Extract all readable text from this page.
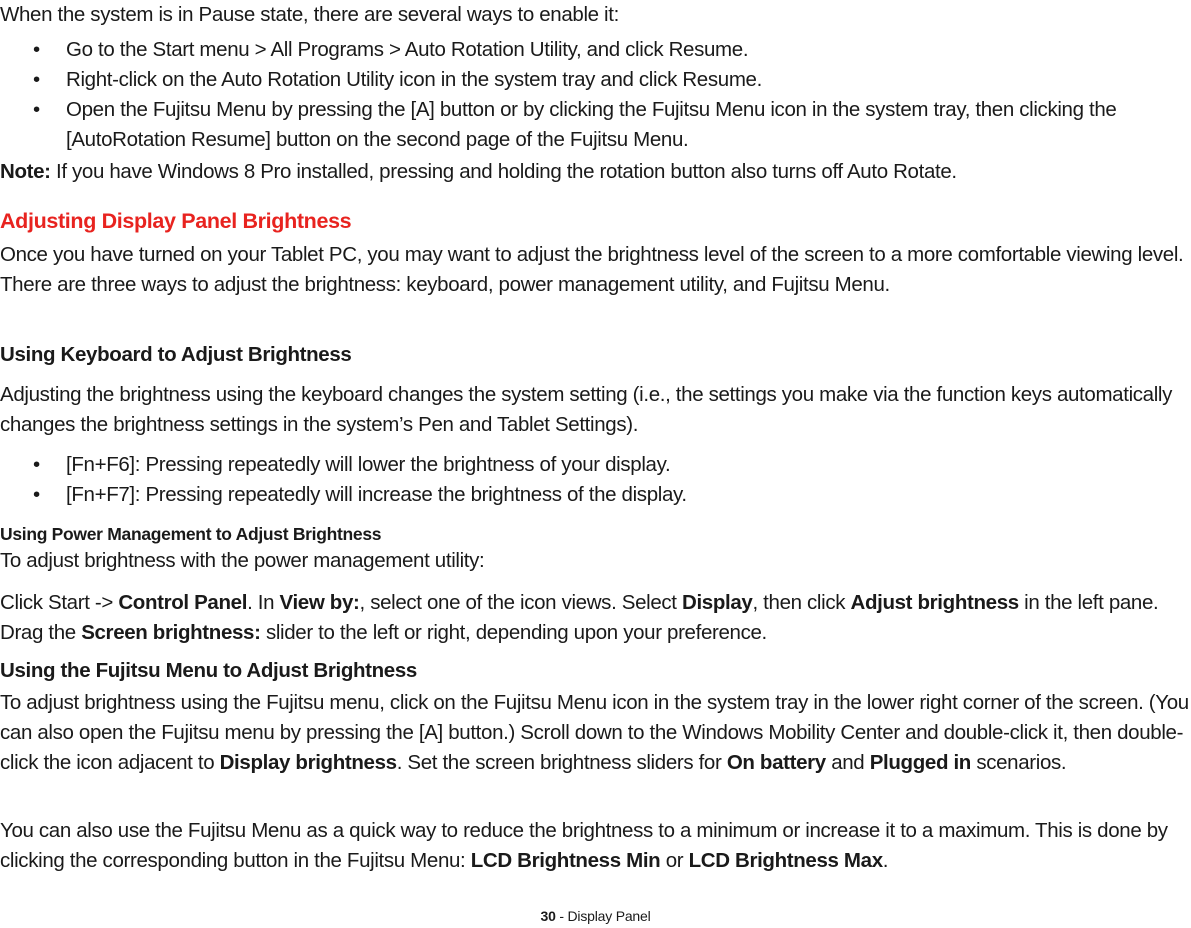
When the system is in Pause state, there are several ways to enable it:

• Go to the Start menu > All Programs > Auto Rotation Utility, and click Resume.
• Right-click on the Auto Rotation Utility icon in the system tray and click Resume.
• Open the Fujitsu Menu by pressing the [A] button or by clicking the Fujitsu Menu icon in the system tray, then clicking the [AutoRotation Resume] button on the second page of the Fujitsu Menu.

Note: If you have Windows 8 Pro installed, pressing and holding the rotation button also turns off Auto Rotate.

Adjusting Display Panel Brightness

Once you have turned on your Tablet PC, you may want to adjust the brightness level of the screen to a more comfortable viewing level. There are three ways to adjust the brightness: keyboard, power management utility, and Fujitsu Menu.

Using Keyboard to Adjust Brightness

Adjusting the brightness using the keyboard changes the system setting (i.e., the settings you make via the function keys automatically changes the brightness settings in the system’s Pen and Tablet Settings).

• [Fn+F6]: Pressing repeatedly will lower the brightness of your display.
• [Fn+F7]: Pressing repeatedly will increase the brightness of the display.
Using Power Management to Adjust Brightness

To adjust brightness with the power management utility:

Click Start -> Control Panel. In View by:, select one of the icon views. Select Display, then click Adjust brightness in the left pane. Drag the Screen brightness: slider to the left or right, depending upon your preference.

Using the Fujitsu Menu to Adjust Brightness

To adjust brightness using the Fujitsu menu, click on the Fujitsu Menu icon in the system tray in the lower right corner of the screen. (You can also open the Fujitsu menu by pressing the [A] button.) Scroll down to the Windows Mobility Center and double-click it, then double-click the icon adjacent to Display brightness. Set the screen brightness sliders for On battery and Plugged in scenarios.

You can also use the Fujitsu Menu as a quick way to reduce the brightness to a minimum or increase it to a maximum. This is done by clicking the corresponding button in the Fujitsu Menu: LCD Brightness Min or LCD Brightness Max.

30 - Display Panel
